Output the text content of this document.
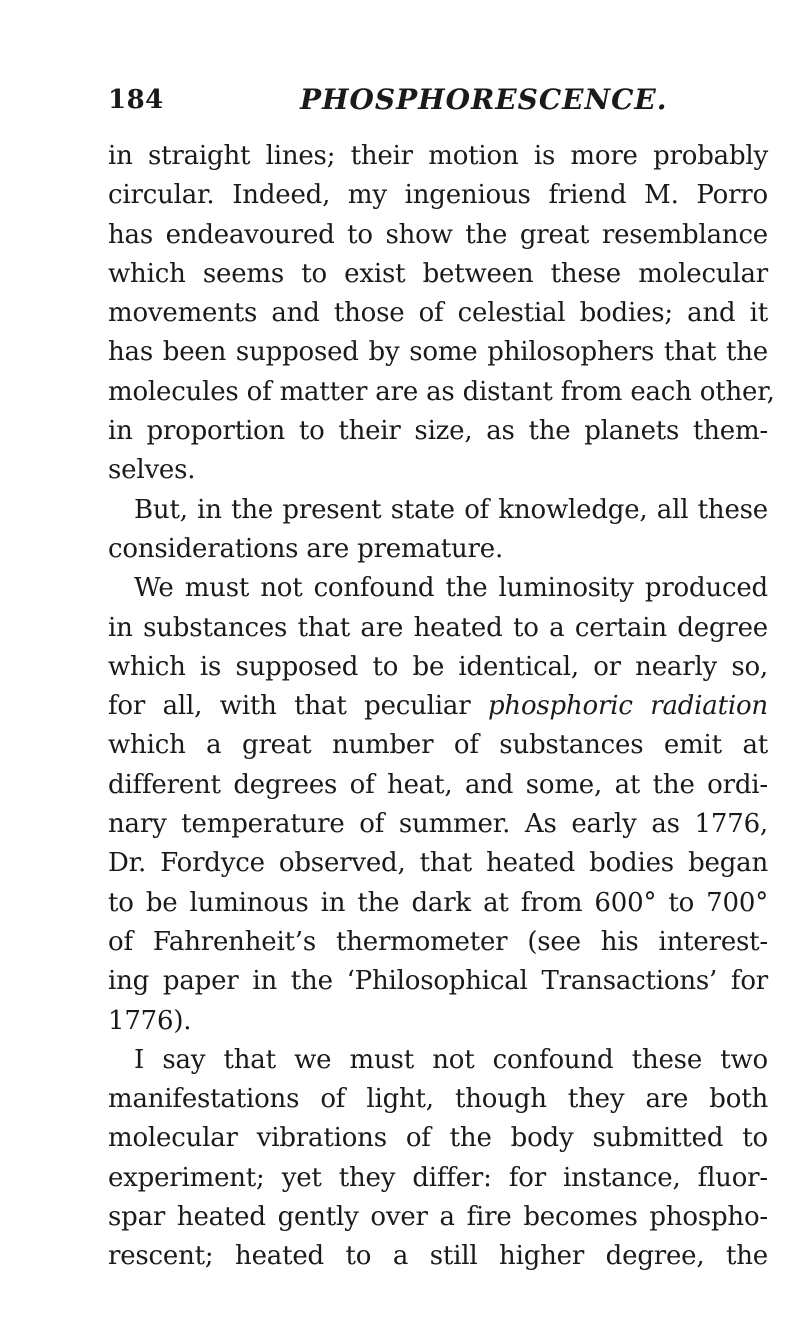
184	PHOSPHORESCENCE.
in straight lines; their motion is more probably
circular. Indeed, my ingenious friend M. Porro
has endeavoured to show the great resemblance
which seems to exist between these molecular
movements and those of celestial bodies; and it
has been supposed by some philosophers that the
molecules of matter are as distant from each other,
in proportion to their size, as the planets them-
selves.
But, in the present state of knowledge, all these
considerations are premature.
We must not confound the luminosity produced
in substances that are heated to a certain degree
which is supposed to be identical, or nearly so,
for all, with that peculiar phosphoric radiation
which a great number of substances emit at
different degrees of heat, and some, at the ordi-
nary temperature of summer. As early as 1776,
Dr. Fordyce observed, that heated bodies began
to be luminous in the dark at from 600° to 700°
of Fahrenheit’s thermometer (see his interest-
ing paper in the ‘Philosophical Transactions’ for
1776).
I say that we must not confound these two
manifestations of light, though they are both
molecular vibrations of the body submitted to
experiment; yet they differ: for instance, fluor-
spar heated gently over a fire becomes phospho-
rescent; heated to a still higher degree, the
